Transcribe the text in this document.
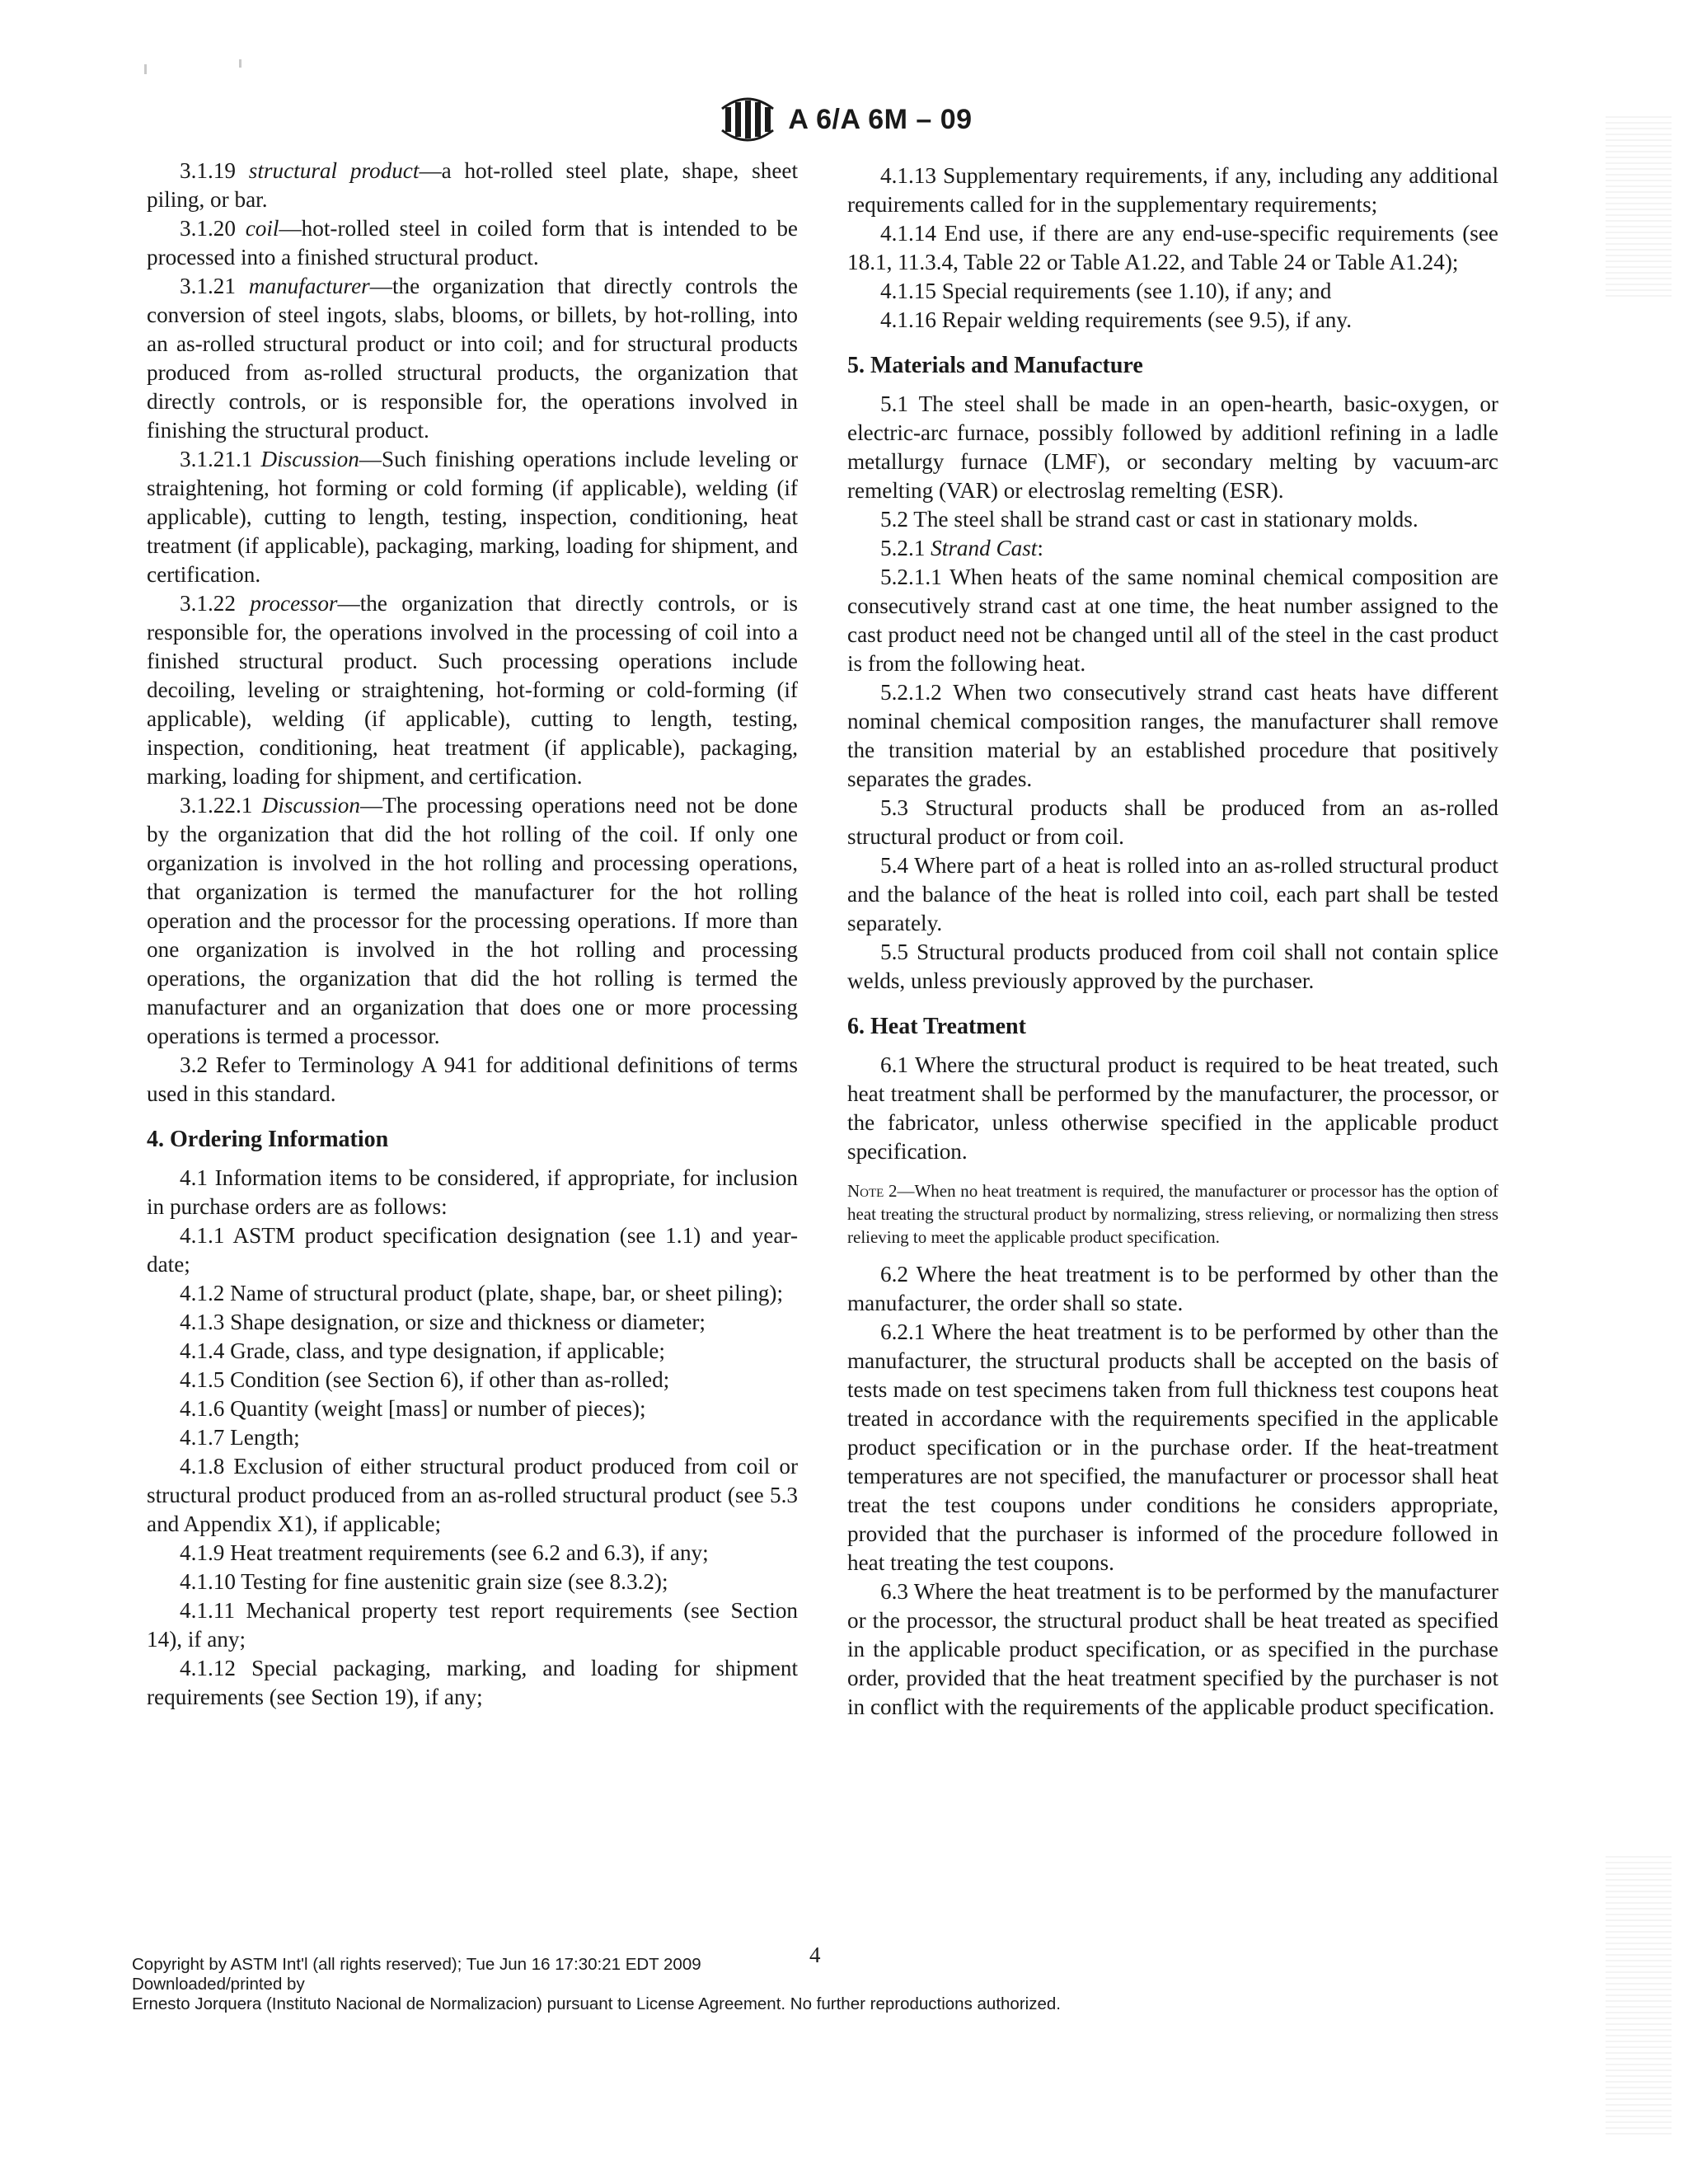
A 6/A 6M – 09

3.1.19 structural product—a hot-rolled steel plate, shape, sheet piling, or bar.

3.1.20 coil—hot-rolled steel in coiled form that is intended to be processed into a finished structural product.

3.1.21 manufacturer—the organization that directly controls the conversion of steel ingots, slabs, blooms, or billets, by hot-rolling, into an as-rolled structural product or into coil; and for structural products produced from as-rolled structural products, the organization that directly controls, or is responsible for, the operations involved in finishing the structural product.

3.1.21.1 Discussion—Such finishing operations include leveling or straightening, hot forming or cold forming (if applicable), welding (if applicable), cutting to length, testing, inspection, conditioning, heat treatment (if applicable), packaging, marking, loading for shipment, and certification.

3.1.22 processor—the organization that directly controls, or is responsible for, the operations involved in the processing of coil into a finished structural product. Such processing operations include decoiling, leveling or straightening, hot-forming or cold-forming (if applicable), welding (if applicable), cutting to length, testing, inspection, conditioning, heat treatment (if applicable), packaging, marking, loading for shipment, and certification.

3.1.22.1 Discussion—The processing operations need not be done by the organization that did the hot rolling of the coil. If only one organization is involved in the hot rolling and processing operations, that organization is termed the manufacturer for the hot rolling operation and the processor for the processing operations. If more than one organization is involved in the hot rolling and processing operations, the organization that did the hot rolling is termed the manufacturer and an organization that does one or more processing operations is termed a processor.

3.2 Refer to Terminology A 941 for additional definitions of terms used in this standard.

4. Ordering Information

4.1 Information items to be considered, if appropriate, for inclusion in purchase orders are as follows:

4.1.1 ASTM product specification designation (see 1.1) and year-date;

4.1.2 Name of structural product (plate, shape, bar, or sheet piling);

4.1.3 Shape designation, or size and thickness or diameter;

4.1.4 Grade, class, and type designation, if applicable;

4.1.5 Condition (see Section 6), if other than as-rolled;

4.1.6 Quantity (weight [mass] or number of pieces);

4.1.7 Length;

4.1.8 Exclusion of either structural product produced from coil or structural product produced from an as-rolled structural product (see 5.3 and Appendix X1), if applicable;

4.1.9 Heat treatment requirements (see 6.2 and 6.3), if any;

4.1.10 Testing for fine austenitic grain size (see 8.3.2);

4.1.11 Mechanical property test report requirements (see Section 14), if any;

4.1.12 Special packaging, marking, and loading for shipment requirements (see Section 19), if any;

4.1.13 Supplementary requirements, if any, including any additional requirements called for in the supplementary requirements;

4.1.14 End use, if there are any end-use-specific requirements (see 18.1, 11.3.4, Table 22 or Table A1.22, and Table 24 or Table A1.24);

4.1.15 Special requirements (see 1.10), if any; and

4.1.16 Repair welding requirements (see 9.5), if any.

5. Materials and Manufacture

5.1 The steel shall be made in an open-hearth, basic-oxygen, or electric-arc furnace, possibly followed by additionl refining in a ladle metallurgy furnace (LMF), or secondary melting by vacuum-arc remelting (VAR) or electroslag remelting (ESR).

5.2 The steel shall be strand cast or cast in stationary molds.

5.2.1 Strand Cast:

5.2.1.1 When heats of the same nominal chemical composition are consecutively strand cast at one time, the heat number assigned to the cast product need not be changed until all of the steel in the cast product is from the following heat.

5.2.1.2 When two consecutively strand cast heats have different nominal chemical composition ranges, the manufacturer shall remove the transition material by an established procedure that positively separates the grades.

5.3 Structural products shall be produced from an as-rolled structural product or from coil.

5.4 Where part of a heat is rolled into an as-rolled structural product and the balance of the heat is rolled into coil, each part shall be tested separately.

5.5 Structural products produced from coil shall not contain splice welds, unless previously approved by the purchaser.

6. Heat Treatment

6.1 Where the structural product is required to be heat treated, such heat treatment shall be performed by the manufacturer, the processor, or the fabricator, unless otherwise specified in the applicable product specification.

Note 2—When no heat treatment is required, the manufacturer or processor has the option of heat treating the structural product by normalizing, stress relieving, or normalizing then stress relieving to meet the applicable product specification.

6.2 Where the heat treatment is to be performed by other than the manufacturer, the order shall so state.

6.2.1 Where the heat treatment is to be performed by other than the manufacturer, the structural products shall be accepted on the basis of tests made on test specimens taken from full thickness test coupons heat treated in accordance with the requirements specified in the applicable product specification or in the purchase order. If the heat-treatment temperatures are not specified, the manufacturer or processor shall heat treat the test coupons under conditions he considers appropriate, provided that the purchaser is informed of the procedure followed in heat treating the test coupons.

6.3 Where the heat treatment is to be performed by the manufacturer or the processor, the structural product shall be heat treated as specified in the applicable product specification, or as specified in the purchase order, provided that the heat treatment specified by the purchaser is not in conflict with the requirements of the applicable product specification.

4
Copyright by ASTM Int'l (all rights reserved); Tue Jun 16 17:30:21 EDT 2009
Downloaded/printed by
Ernesto Jorquera (Instituto Nacional de Normalizacion) pursuant to License Agreement. No further reproductions authorized.
